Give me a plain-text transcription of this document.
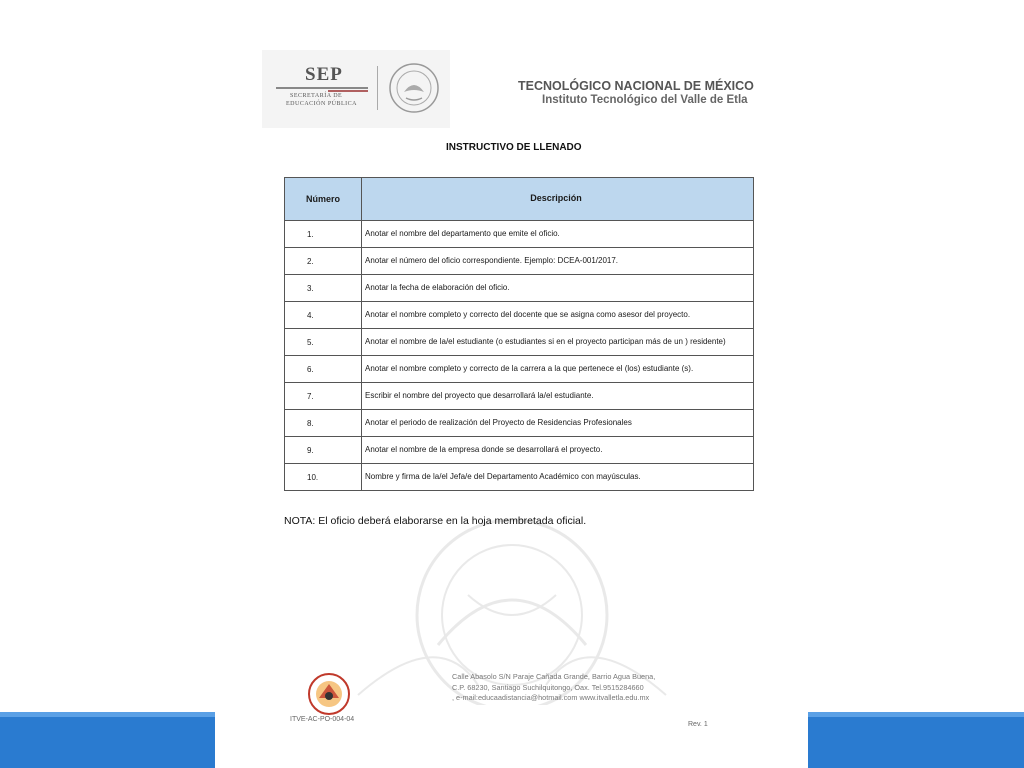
SEP
SECRETARÍA DE
EDUCACIÓN PÚBLICA
TECNOLÓGICO NACIONAL DE MÉXICO
Instituto Tecnológico del Valle de Etla
INSTRUCTIVO DE LLENADO
Número	Descripción
1.	Anotar el nombre del departamento que emite el oficio.
2.	Anotar el número del oficio correspondiente. Ejemplo: DCEA-001/2017.
3.	Anotar la fecha de elaboración del oficio.
4.	Anotar el nombre completo y correcto del docente que se asigna como asesor del proyecto.
5.	Anotar el nombre de la/el estudiante (o estudiantes si en el proyecto participan más de un ) residente)
6.	Anotar el nombre completo y correcto de la carrera a la que pertenece el (los) estudiante (s).
7.	Escribir el nombre del proyecto que desarrollará la/el estudiante.
8.	Anotar el periodo de realización del Proyecto de Residencias Profesionales
9.	Anotar el nombre de la empresa donde se desarrollará el proyecto.
10.	Nombre y firma de la/el Jefa/e del Departamento Académico con mayúsculas.
NOTA: El oficio deberá elaborarse en la hoja membretada oficial.
ITVE-AC-PO-004-04
Calle Abasolo S/N Paraje Cañada Grande, Barrio Agua Buena,
C.P. 68230, Santiago Suchilquitongo, Oax. Tel.9515284660
, e-mail:educaadistancia@hotmail.com www.itvalletla.edu.mx
Rev. 1
